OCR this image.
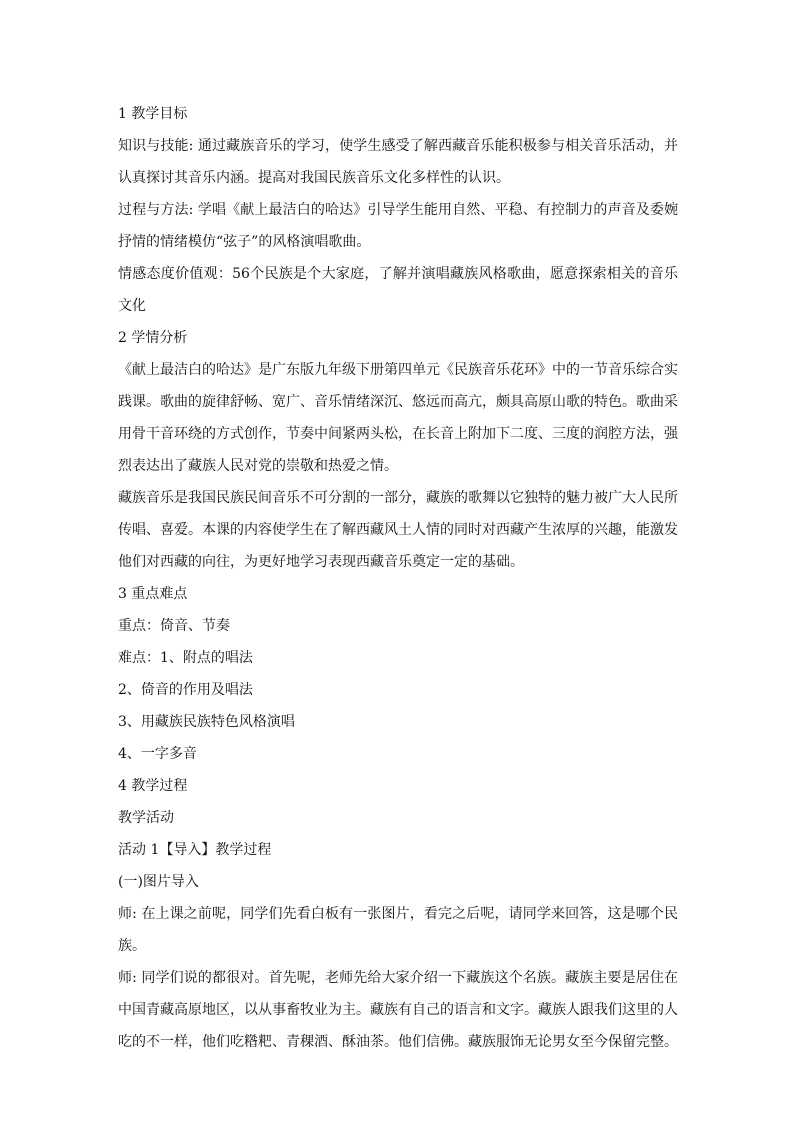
1 教学目标
知识与技能: 通过藏族音乐的学习，使学生感受了解西藏音乐能积极参与相关音乐活动，并
认真探讨其音乐内涵。提高对我国民族音乐文化多样性的认识。
过程与方法: 学唱《献上最洁白的哈达》引导学生能用自然、平稳、有控制力的声音及委婉
抒情的情绪模仿“弦子”的风格演唱歌曲。
情感态度价值观：56个民族是个大家庭，了解并演唱藏族风格歌曲，愿意探索相关的音乐
文化
2 学情分析
《献上最洁白的哈达》是广东版九年级下册第四单元《民族音乐花环》中的一节音乐综合实
践课。歌曲的旋律舒畅、宽广、音乐情绪深沉、悠远而高亢，颇具高原山歌的特色。歌曲采
用骨干音环绕的方式创作，节奏中间紧两头松，在长音上附加下二度、三度的润腔方法，强
烈表达出了藏族人民对党的崇敬和热爱之情。
藏族音乐是我国民族民间音乐不可分割的一部分，藏族的歌舞以它独特的魅力被广大人民所
传唱、喜爱。本课的内容使学生在了解西藏风土人情的同时对西藏产生浓厚的兴趣，能激发
他们对西藏的向往，为更好地学习表现西藏音乐奠定一定的基础。
3 重点难点
重点：倚音、节奏
难点：1、附点的唱法
2、倚音的作用及唱法
3、用藏族民族特色风格演唱
4、一字多音
4 教学过程
教学活动
活动 1【导入】教学过程
(一)图片导入
师: 在上课之前呢，同学们先看白板有一张图片，看完之后呢，请同学来回答，这是哪个民
族。
师: 同学们说的都很对。首先呢，老师先给大家介绍一下藏族这个名族。藏族主要是居住在
中国青藏高原地区，以从事畜牧业为主。藏族有自己的语言和文字。藏族人跟我们这里的人
吃的不一样，他们吃糌粑、青稞酒、酥油茶。他们信佛。藏族服饰无论男女至今保留完整。
